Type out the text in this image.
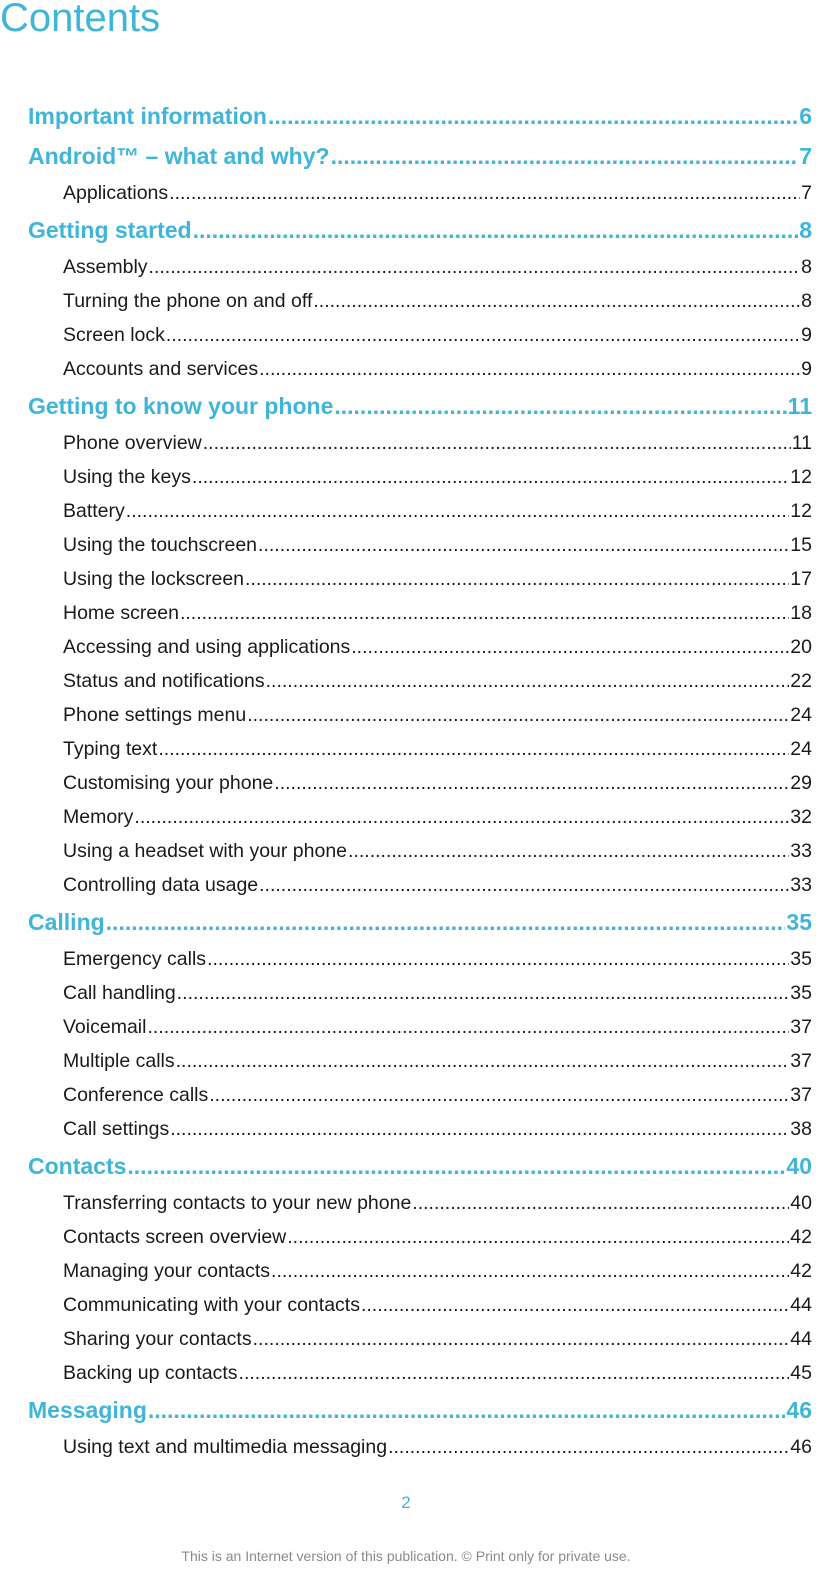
Contents
Important information .....	6
Android™ – what and why? .....	7
Applications .....	7
Getting started .....	8
Assembly .....	8
Turning the phone on and off .....	8
Screen lock .....	9
Accounts and services .....	9
Getting to know your phone .....	11
Phone overview .....	11
Using the keys .....	12
Battery .....	12
Using the touchscreen .....	15
Using the lockscreen .....	17
Home screen .....	18
Accessing and using applications .....	20
Status and notifications .....	22
Phone settings menu .....	24
Typing text .....	24
Customising your phone .....	29
Memory .....	32
Using a headset with your phone .....	33
Controlling data usage .....	33
Calling .....	35
Emergency calls .....	35
Call handling .....	35
Voicemail .....	37
Multiple calls .....	37
Conference calls .....	37
Call settings .....	38
Contacts .....	40
Transferring contacts to your new phone .....	40
Contacts screen overview .....	42
Managing your contacts .....	42
Communicating with your contacts .....	44
Sharing your contacts .....	44
Backing up contacts .....	45
Messaging .....	46
Using text and multimedia messaging .....	46
2
This is an Internet version of this publication. © Print only for private use.
